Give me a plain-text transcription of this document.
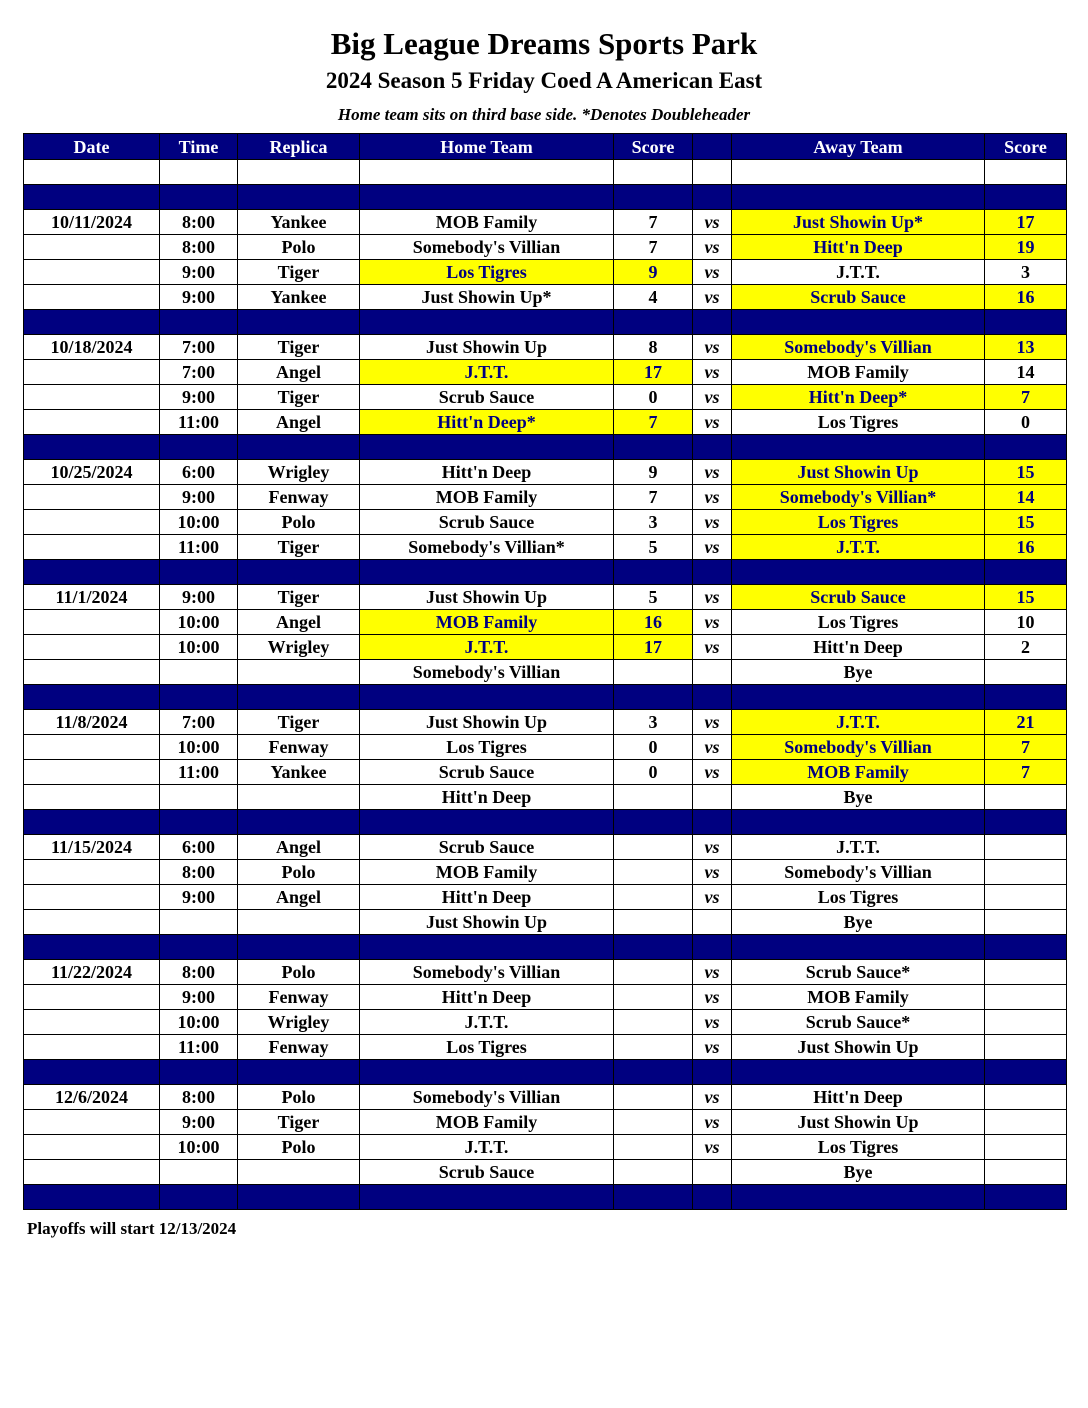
Big League Dreams Sports Park
2024 Season 5 Friday Coed A American East
Home team sits on third base side. *Denotes Doubleheader
Date	Time	Replica	Home Team	Score		Away Team	Score

10/11/2024	8:00	Yankee	MOB Family	7	vs	Just Showin Up*	17
	8:00	Polo	Somebody's Villian	7	vs	Hitt'n Deep	19
	9:00	Tiger	Los Tigres	9	vs	J.T.T.	3
	9:00	Yankee	Just Showin Up*	4	vs	Scrub Sauce	16

10/18/2024	7:00	Tiger	Just Showin Up	8	vs	Somebody's Villian	13
	7:00	Angel	J.T.T.	17	vs	MOB Family	14
	9:00	Tiger	Scrub Sauce	0	vs	Hitt'n Deep*	7
	11:00	Angel	Hitt'n Deep*	7	vs	Los Tigres	0

10/25/2024	6:00	Wrigley	Hitt'n Deep	9	vs	Just Showin Up	15
	9:00	Fenway	MOB Family	7	vs	Somebody's Villian*	14
	10:00	Polo	Scrub Sauce	3	vs	Los Tigres	15
	11:00	Tiger	Somebody's Villian*	5	vs	J.T.T.	16

11/1/2024	9:00	Tiger	Just Showin Up	5	vs	Scrub Sauce	15
	10:00	Angel	MOB Family	16	vs	Los Tigres	10
	10:00	Wrigley	J.T.T.	17	vs	Hitt'n Deep	2
			Somebody's Villian			Bye	

11/8/2024	7:00	Tiger	Just Showin Up	3	vs	J.T.T.	21
	10:00	Fenway	Los Tigres	0	vs	Somebody's Villian	7
	11:00	Yankee	Scrub Sauce	0	vs	MOB Family	7
			Hitt'n Deep			Bye	

11/15/2024	6:00	Angel	Scrub Sauce		vs	J.T.T.	
	8:00	Polo	MOB Family		vs	Somebody's Villian	
	9:00	Angel	Hitt'n Deep		vs	Los Tigres	
			Just Showin Up			Bye	

11/22/2024	8:00	Polo	Somebody's Villian		vs	Scrub Sauce*	
	9:00	Fenway	Hitt'n Deep		vs	MOB Family	
	10:00	Wrigley	J.T.T.		vs	Scrub Sauce*	
	11:00	Fenway	Los Tigres		vs	Just Showin Up	

12/6/2024	8:00	Polo	Somebody's Villian		vs	Hitt'n Deep	
	9:00	Tiger	MOB Family		vs	Just Showin Up	
	10:00	Polo	J.T.T.		vs	Los Tigres	
			Scrub Sauce			Bye	

Playoffs will start 12/13/2024
